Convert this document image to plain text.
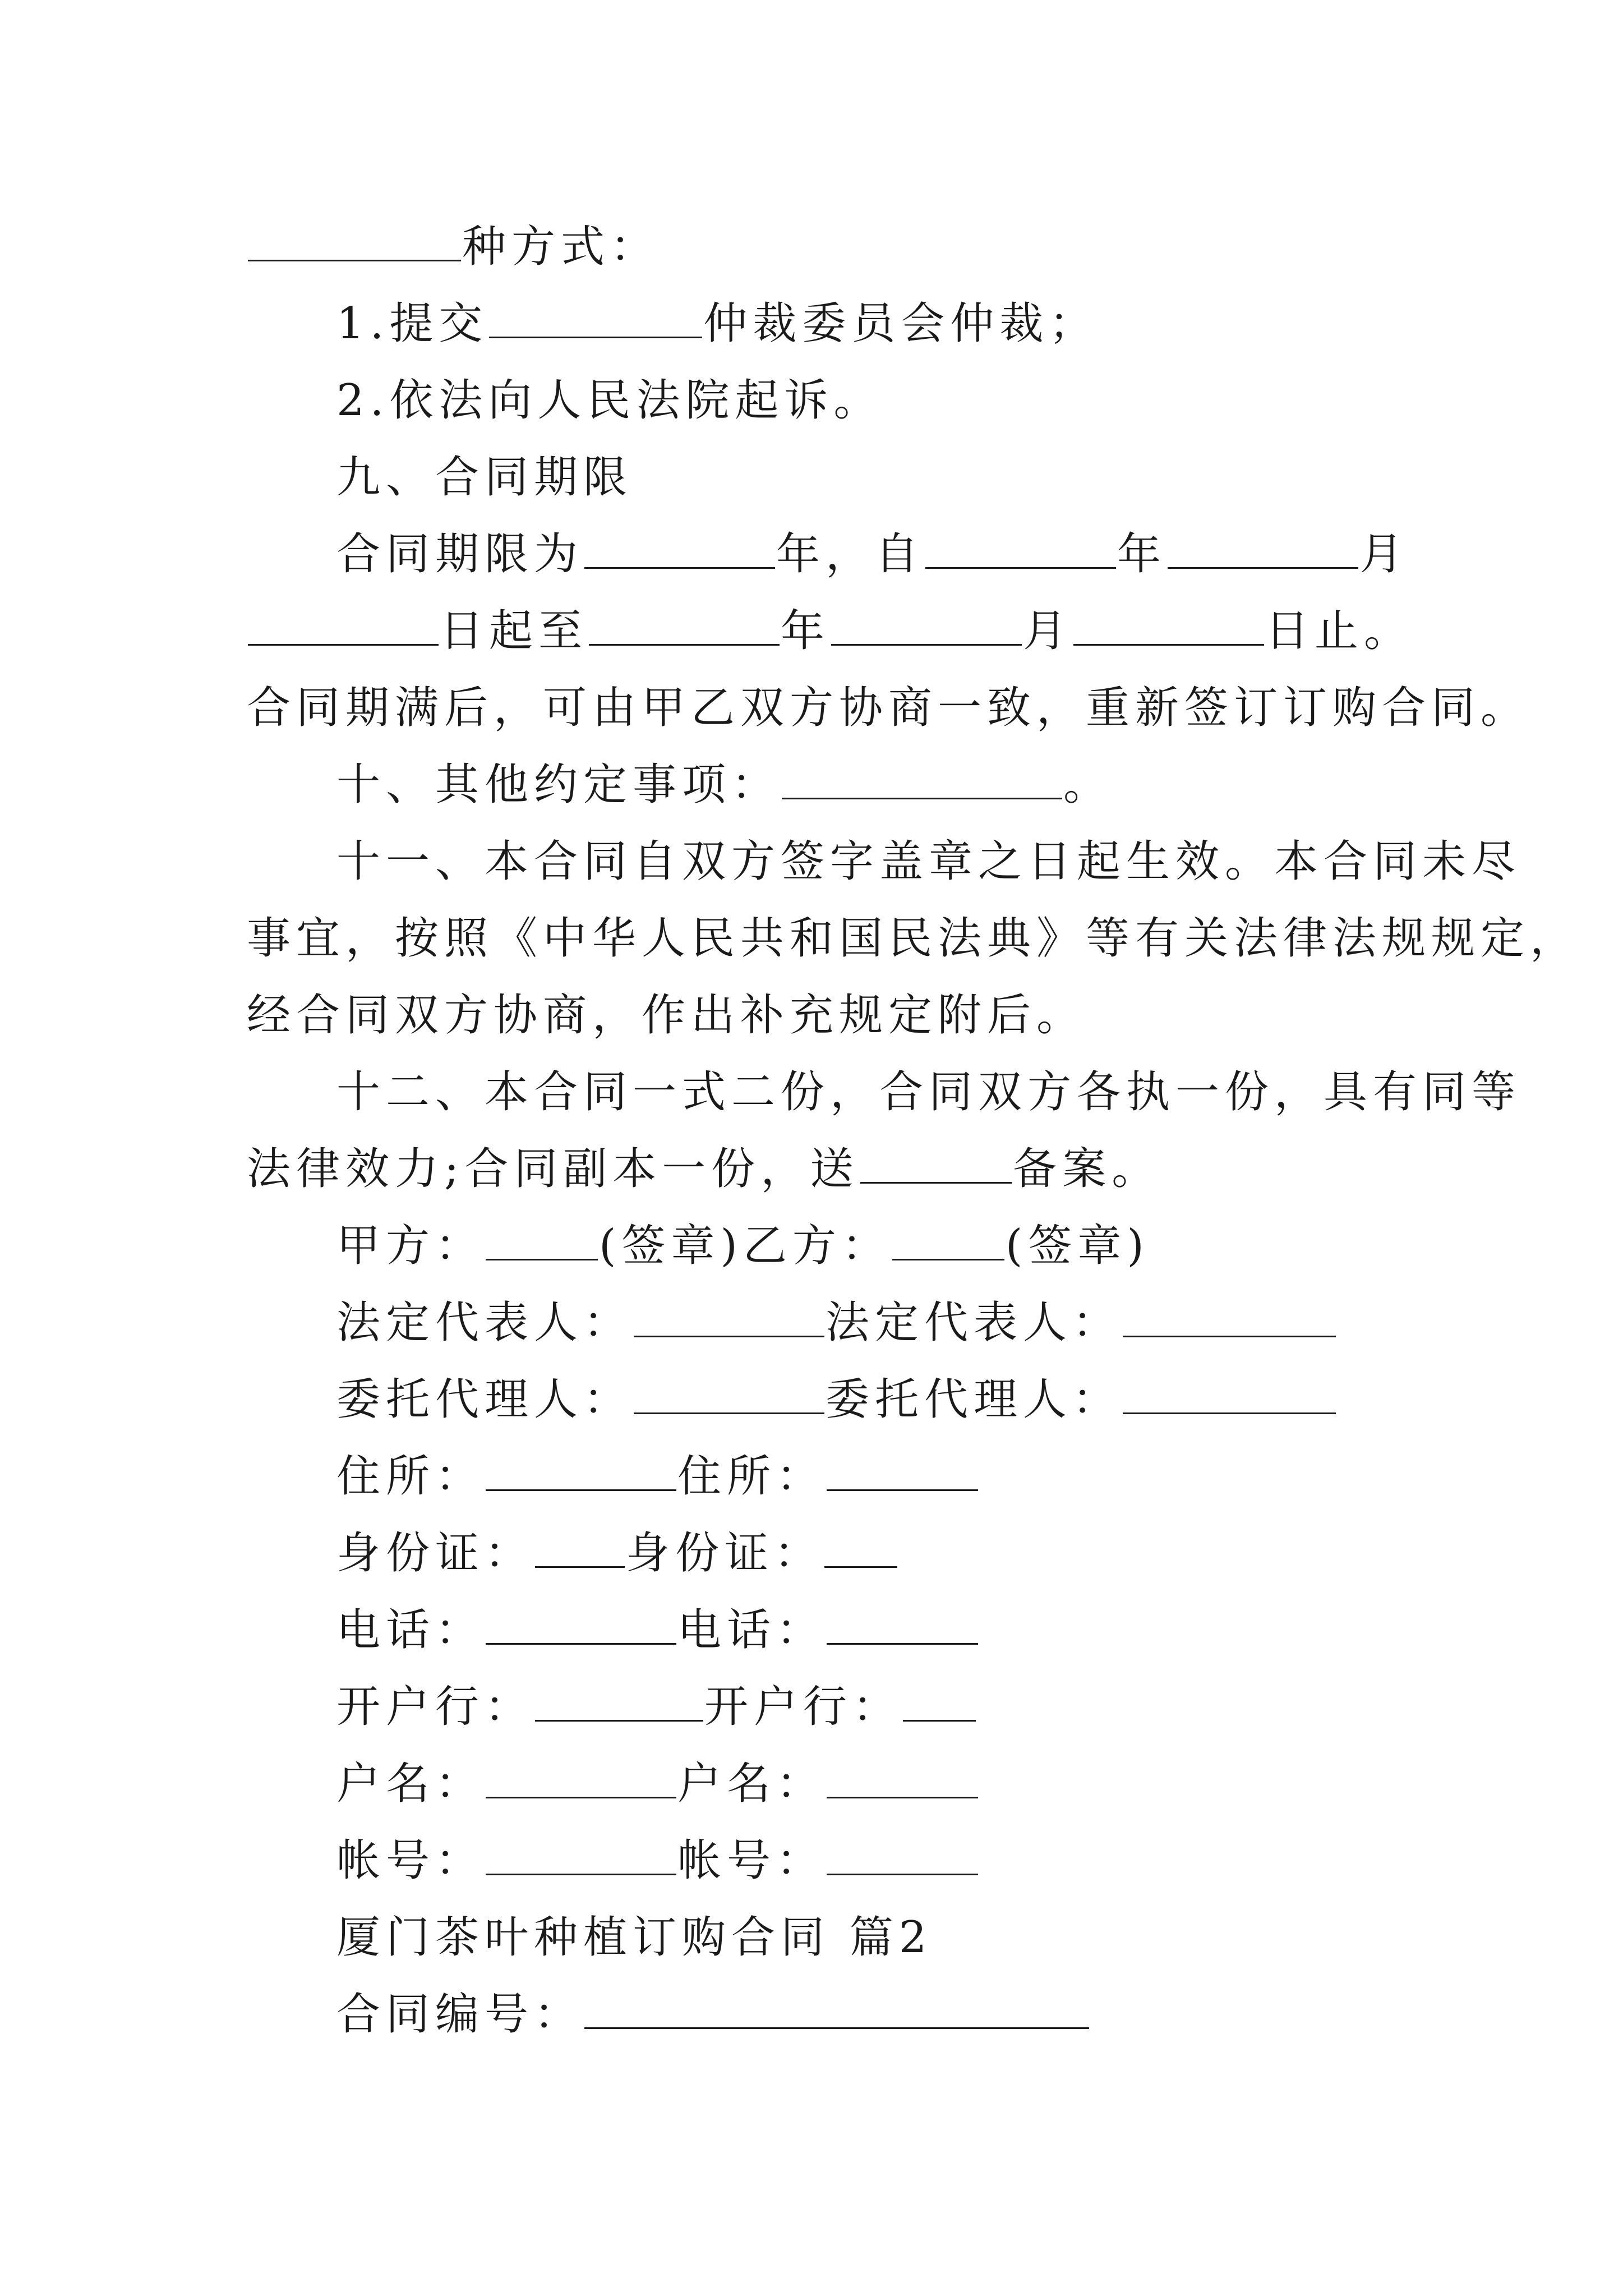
种方式：
1.提交	仲裁委员会仲裁；
2.依法向人民法院起诉。
九、合同期限
合同期限为	年，自	年	月
日起至	年	月	日止。
合同期满后，可由甲乙双方协商一致，重新签订订购合同。
十、其他约定事项：	。
十一、本合同自双方签字盖章之日起生效。本合同未尽
事宜，按照《中华人民共和国民法典》等有关法律法规规定，
经合同双方协商，作出补充规定附后。
十二、本合同一式二份，合同双方各执一份，具有同等
法律效力;合同副本一份，送	备案。
甲方：	(签章)乙方：	(签章)
法定代表人：	法定代表人：
委托代理人：	委托代理人：
住所：	住所：
身份证： 身份证：
电话：	电话：
开户行：	开户行：
户名：	户名：
帐号：	帐号：
厦门茶叶种植订购合同 篇2
合同编号：
